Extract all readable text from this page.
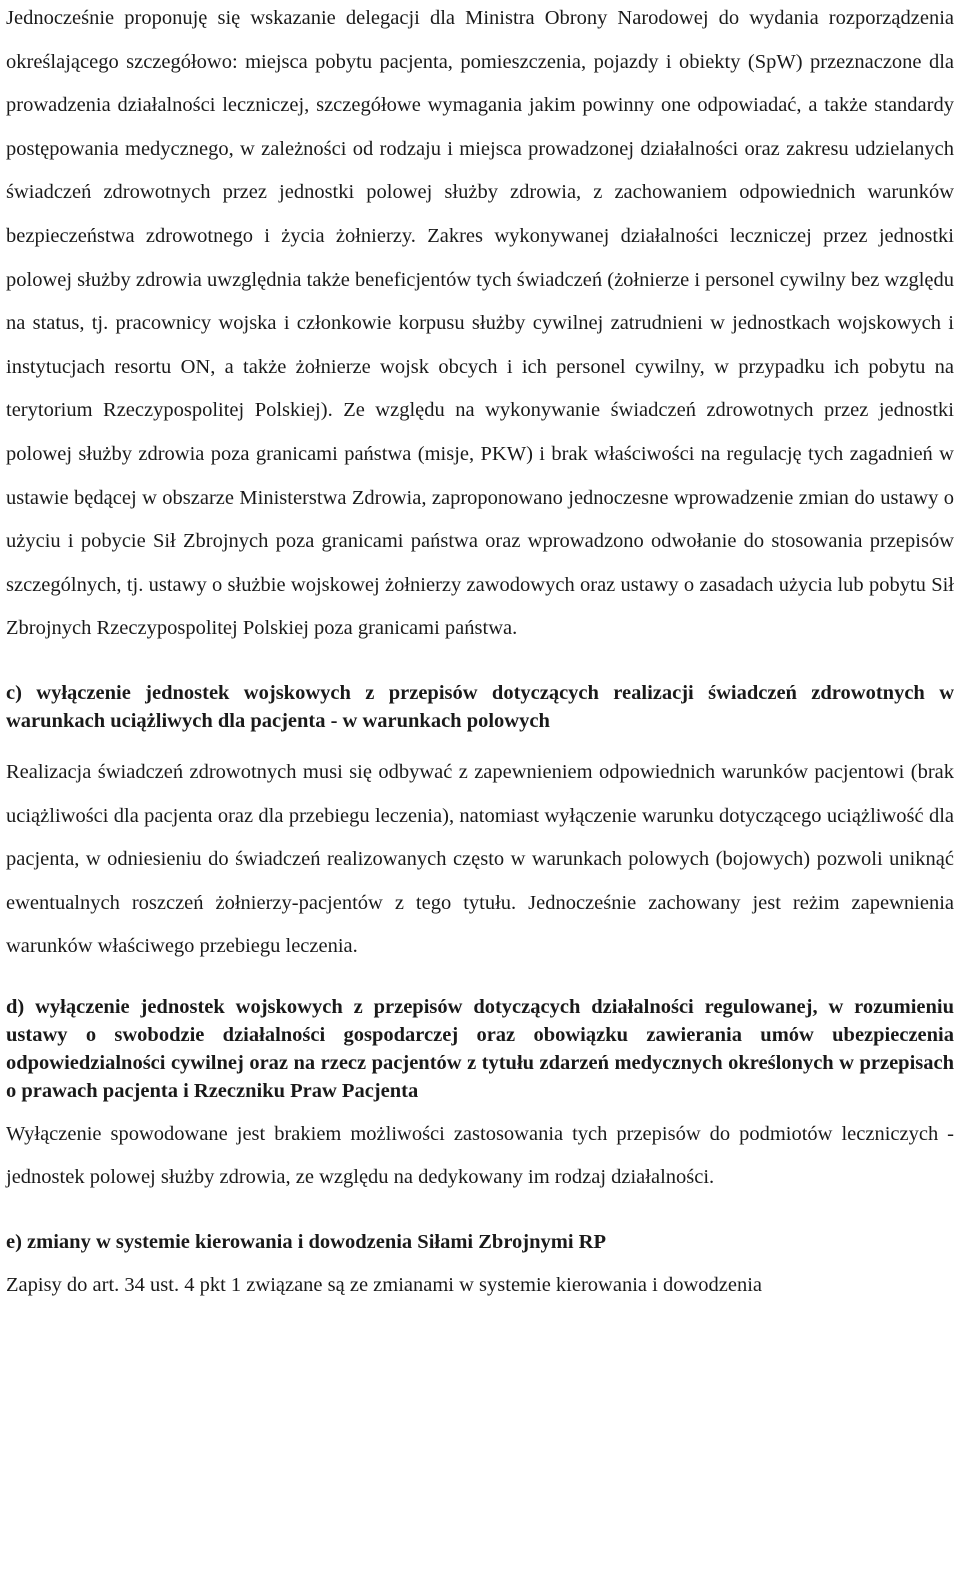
Jednocześnie proponuję się wskazanie delegacji dla Ministra Obrony Narodowej do wydania rozporządzenia określającego szczegółowo: miejsca pobytu pacjenta, pomieszczenia, pojazdy i obiekty (SpW) przeznaczone dla prowadzenia działalności leczniczej, szczegółowe wymagania jakim powinny one odpowiadać, a także standardy postępowania medycznego, w zależności od rodzaju i miejsca prowadzonej działalności oraz zakresu udzielanych świadczeń zdrowotnych przez jednostki polowej służby zdrowia, z zachowaniem odpowiednich warunków bezpieczeństwa zdrowotnego i życia żołnierzy. Zakres wykonywanej działalności leczniczej przez jednostki polowej służby zdrowia uwzględnia także beneficjentów tych świadczeń (żołnierze i personel cywilny bez względu na status, tj. pracownicy wojska i członkowie korpusu służby cywilnej zatrudnieni w jednostkach wojskowych i instytucjach resortu ON, a także żołnierze wojsk obcych i ich personel cywilny, w przypadku ich pobytu na terytorium Rzeczypospolitej Polskiej). Ze względu na wykonywanie świadczeń zdrowotnych przez jednostki polowej służby zdrowia poza granicami państwa (misje, PKW) i brak właściwości na regulację tych zagadnień w ustawie będącej w obszarze Ministerstwa Zdrowia, zaproponowano jednoczesne wprowadzenie zmian do ustawy o użyciu i pobycie Sił Zbrojnych poza granicami państwa oraz wprowadzono odwołanie do stosowania przepisów szczególnych, tj. ustawy o służbie wojskowej żołnierzy zawodowych oraz ustawy o zasadach użycia lub pobytu Sił Zbrojnych Rzeczypospolitej Polskiej poza granicami państwa.

c) wyłączenie jednostek wojskowych z przepisów dotyczących realizacji świadczeń zdrowotnych w warunkach uciążliwych dla pacjenta - w warunkach polowych

Realizacja świadczeń zdrowotnych musi się odbywać z zapewnieniem odpowiednich warunków pacjentowi (brak uciążliwości dla pacjenta oraz dla przebiegu leczenia), natomiast wyłączenie warunku dotyczącego uciążliwość dla pacjenta, w odniesieniu do świadczeń realizowanych często w warunkach polowych (bojowych) pozwoli uniknąć ewentualnych roszczeń żołnierzy-pacjentów z tego tytułu. Jednocześnie zachowany jest reżim zapewnienia warunków właściwego przebiegu leczenia.

d) wyłączenie jednostek wojskowych z przepisów dotyczących działalności regulowanej, w rozumieniu ustawy o swobodzie działalności gospodarczej oraz obowiązku zawierania umów ubezpieczenia odpowiedzialności cywilnej oraz na rzecz pacjentów z tytułu zdarzeń medycznych określonych w przepisach o prawach pacjenta i Rzeczniku Praw Pacjenta

Wyłączenie spowodowane jest brakiem możliwości zastosowania tych przepisów do podmiotów leczniczych - jednostek polowej służby zdrowia, ze względu na dedykowany im rodzaj działalności.

e) zmiany w systemie kierowania i dowodzenia Siłami Zbrojnymi RP

Zapisy do art. 34 ust. 4 pkt 1 związane są ze zmianami w systemie kierowania i dowodzenia
